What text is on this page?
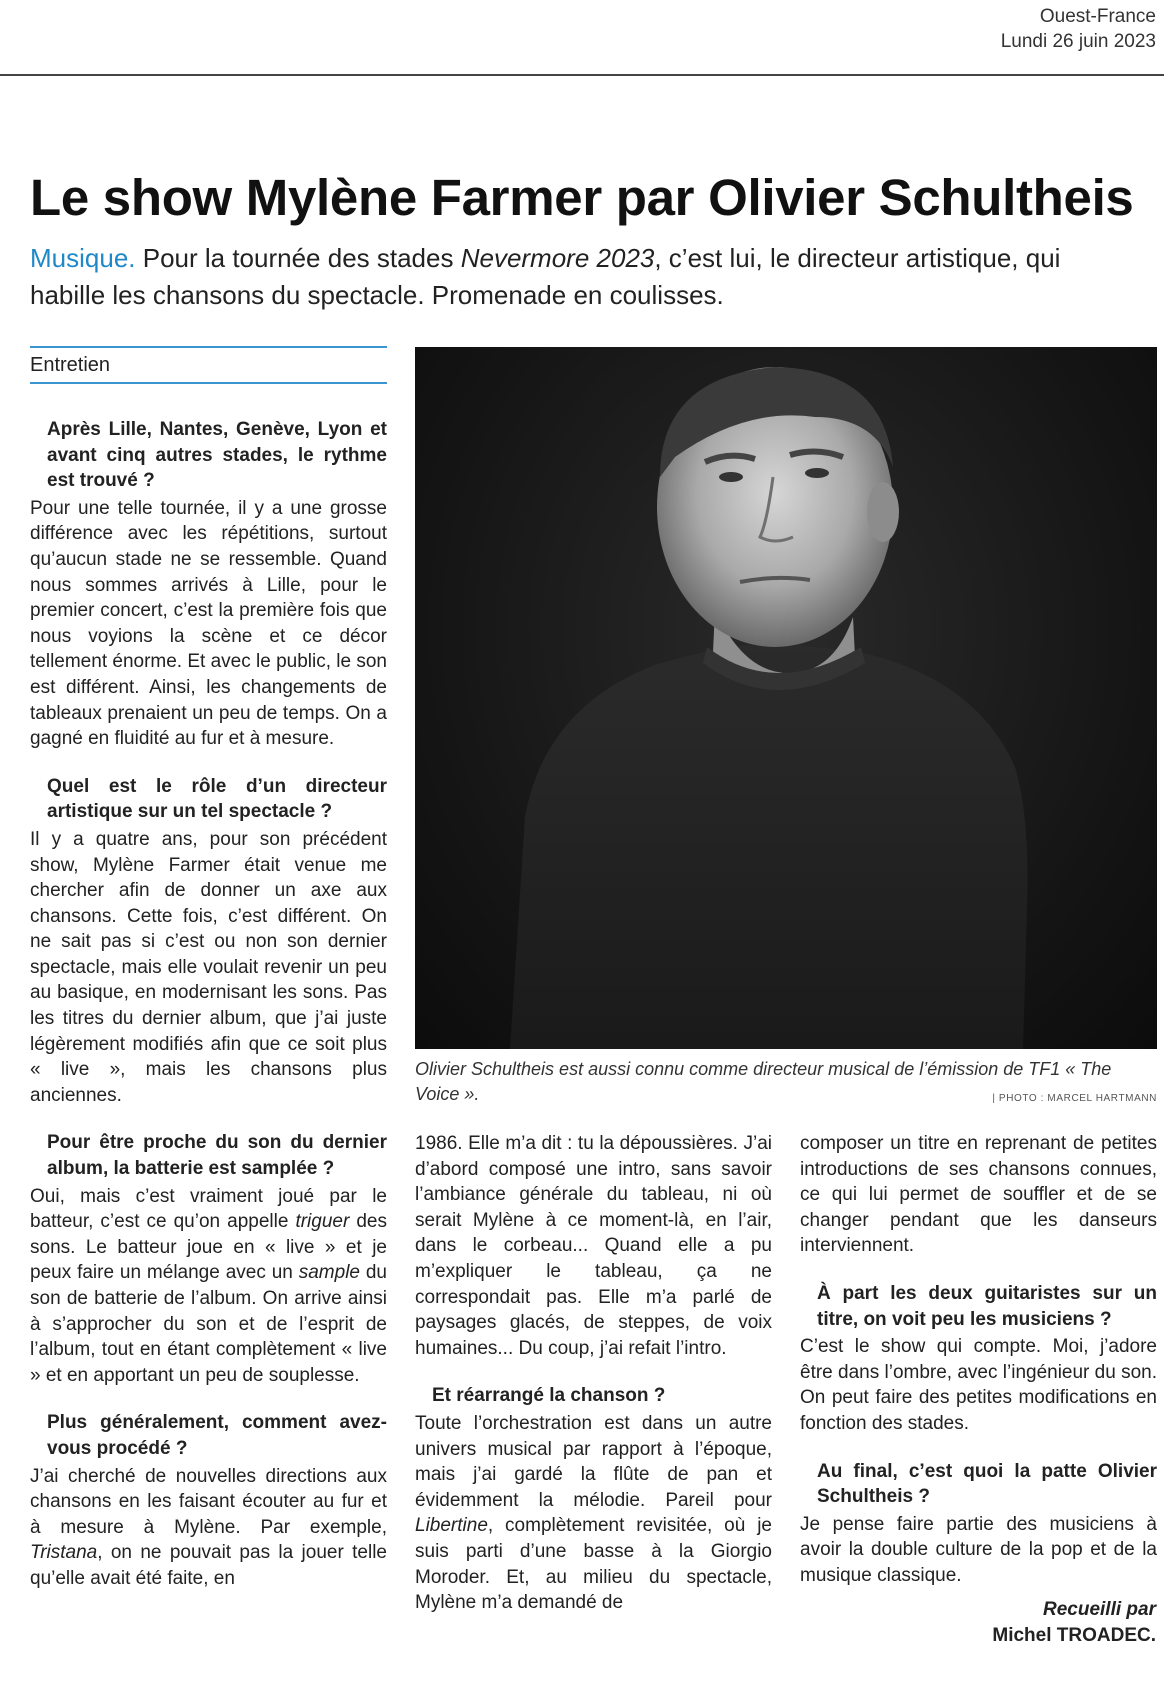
Ouest-France
Lundi 26 juin 2023
Le show Mylène Farmer par Olivier Schultheis

Musique. Pour la tournée des stades Nevermore 2023, c’est lui, le directeur artistique, qui habille les chansons du spectacle. Promenade en coulisses.

Entretien

Après Lille, Nantes, Genève, Lyon et avant cinq autres stades, le rythme est trouvé ?

Pour une telle tournée, il y a une grosse différence avec les répétitions, surtout qu’aucun stade ne se ressemble. Quand nous sommes arrivés à Lille, pour le premier concert, c’est la première fois que nous voyions la scène et ce décor tellement énorme. Et avec le public, le son est différent. Ainsi, les changements de tableaux prenaient un peu de temps. On a gagné en fluidité au fur et à mesure.

Quel est le rôle d’un directeur artistique sur un tel spectacle ?

Il y a quatre ans, pour son précédent show, Mylène Farmer était venue me chercher afin de donner un axe aux chansons. Cette fois, c’est différent. On ne sait pas si c’est ou non son dernier spectacle, mais elle voulait revenir un peu au basique, en modernisant les sons. Pas les titres du dernier album, que j’ai juste légèrement modifiés afin que ce soit plus « live », mais les chansons plus anciennes.

Pour être proche du son du dernier album, la batterie est samplée ?

Oui, mais c’est vraiment joué par le batteur, c’est ce qu’on appelle triguer des sons. Le batteur joue en « live » et je peux faire un mélange avec un sample du son de batterie de l’album. On arrive ainsi à s’approcher du son et de l’esprit de l’album, tout en étant complètement « live » et en apportant un peu de souplesse.

Plus généralement, comment avez-vous procédé ?

J’ai cherché de nouvelles directions aux chansons en les faisant écouter au fur et à mesure à Mylène. Par exemple, Tristana, on ne pouvait pas la jouer telle qu’elle avait été faite, en

Olivier Schultheis est aussi connu comme directeur musical de l’émission de TF1 « The Voice ».	| PHOTO : MARCEL HARTMANN

1986. Elle m’a dit : tu la dépoussières. J’ai d’abord composé une intro, sans savoir l’ambiance générale du tableau, ni où serait Mylène à ce moment-là, en l’air, dans le corbeau... Quand elle a pu m’expliquer le tableau, ça ne correspondait pas. Elle m’a parlé de paysages glacés, de steppes, de voix humaines... Du coup, j’ai refait l’intro.

Et réarrangé la chanson ?

Toute l’orchestration est dans un autre univers musical par rapport à l’époque, mais j’ai gardé la flûte de pan et évidemment la mélodie. Pareil pour Libertine, complètement revisitée, où je suis parti d’une basse à la Giorgio Moroder. Et, au milieu du spectacle, Mylène m’a demandé de

composer un titre en reprenant de petites introductions de ses chansons connues, ce qui lui permet de souffler et de se changer pendant que les danseurs interviennent.

À part les deux guitaristes sur un titre, on voit peu les musiciens ?

C’est le show qui compte. Moi, j’adore être dans l’ombre, avec l’ingénieur du son. On peut faire des petites modifications en fonction des stades.

Au final, c’est quoi la patte Olivier Schultheis ?

Je pense faire partie des musiciens à avoir la double culture de la pop et de la musique classique.

Recueilli par
Michel TROADEC.
